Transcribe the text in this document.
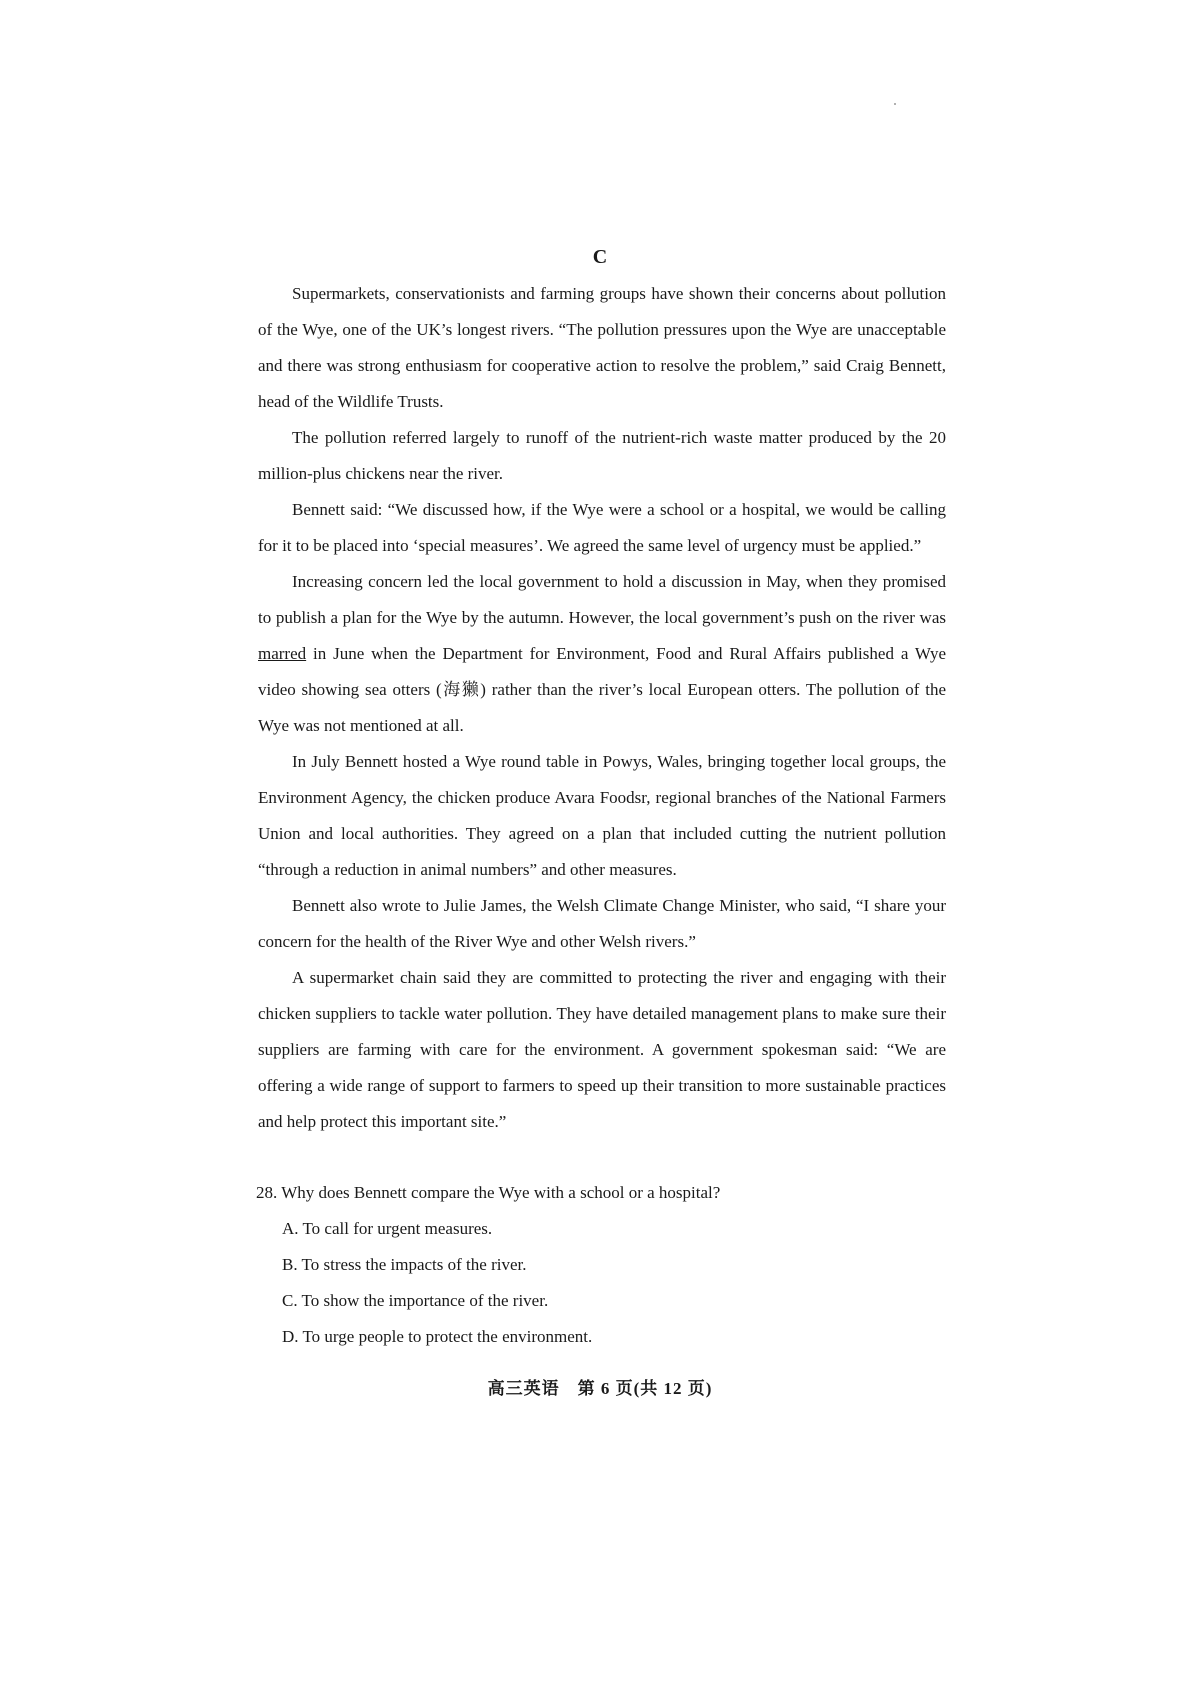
C

Supermarkets, conservationists and farming groups have shown their concerns about pollution of the Wye, one of the UK’s longest rivers. “The pollution pressures upon the Wye are unacceptable and there was strong enthusiasm for cooperative action to resolve the problem,” said Craig Bennett, head of the Wildlife Trusts.

The pollution referred largely to runoff of the nutrient-rich waste matter produced by the 20 million-plus chickens near the river.

Bennett said: “We discussed how, if the Wye were a school or a hospital, we would be calling for it to be placed into ‘special measures’. We agreed the same level of urgency must be applied.”

Increasing concern led the local government to hold a discussion in May, when they promised to publish a plan for the Wye by the autumn. However, the local government’s push on the river was marred in June when the Department for Environment, Food and Rural Affairs published a Wye video showing sea otters (海獭) rather than the river’s local European otters. The pollution of the Wye was not mentioned at all.

In July Bennett hosted a Wye round table in Powys, Wales, bringing together local groups, the Environment Agency, the chicken produce Avara Foodsr, regional branches of the National Farmers Union and local authorities. They agreed on a plan that included cutting the nutrient pollution “through a reduction in animal numbers” and other measures.

Bennett also wrote to Julie James, the Welsh Climate Change Minister, who said, “I share your concern for the health of the River Wye and other Welsh rivers.”

A supermarket chain said they are committed to protecting the river and engaging with their chicken suppliers to tackle water pollution. They have detailed management plans to make sure their suppliers are farming with care for the environment. A government spokesman said: “We are offering a wide range of support to farmers to speed up their transition to more sustainable practices and help protect this important site.”

28. Why does Bennett compare the Wye with a school or a hospital?

A. To call for urgent measures.

B. To stress the impacts of the river.

C. To show the importance of the river.

D. To urge people to protect the environment.

高三英语　第 6 页(共 12 页)
